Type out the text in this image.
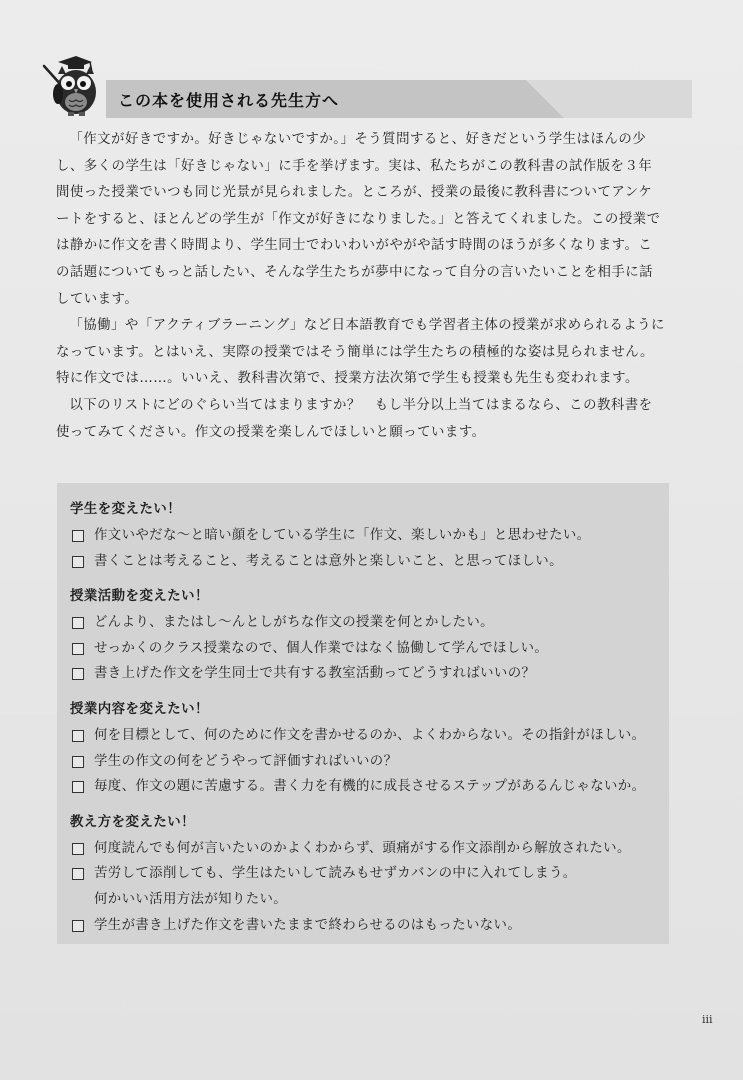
この本を使用される先生方へ

「作文が好きですか。好きじゃないですか。」そう質問すると、好きだという学生はほんの少し、多くの学生は「好きじゃない」に手を挙げます。実は、私たちがこの教科書の試作版を３年間使った授業でいつも同じ光景が見られました。ところが、授業の最後に教科書についてアンケートをすると、ほとんどの学生が「作文が好きになりました。」と答えてくれました。この授業では静かに作文を書く時間より、学生同士でわいわいがやがや話す時間のほうが多くなります。この話題についてもっと話したい、そんな学生たちが夢中になって自分の言いたいことを相手に話しています。

「協働」や「アクティブラーニング」など日本語教育でも学習者主体の授業が求められるようになっています。とはいえ、実際の授業ではそう簡単には学生たちの積極的な姿は見られません。特に作文では……。いいえ、教科書次第で、授業方法次第で学生も授業も先生も変われます。

以下のリストにどのぐらい当てはまりますか？　もし半分以上当てはまるなら、この教科書を使ってみてください。作文の授業を楽しんでほしいと願っています。

学生を変えたい！
作文いやだな～と暗い顔をしている学生に「作文、楽しいかも」と思わせたい。
書くことは考えること、考えることは意外と楽しいこと、と思ってほしい。
授業活動を変えたい！
どんより、またはし～んとしがちな作文の授業を何とかしたい。
せっかくのクラス授業なので、個人作業ではなく協働して学んでほしい。
書き上げた作文を学生同士で共有する教室活動ってどうすればいいの？
授業内容を変えたい！
何を目標として、何のために作文を書かせるのか、よくわからない。その指針がほしい。
学生の作文の何をどうやって評価すればいいの？
毎度、作文の題に苦慮する。書く力を有機的に成長させるステップがあるんじゃないか。
教え方を変えたい！
何度読んでも何が言いたいのかよくわからず、頭痛がする作文添削から解放されたい。
苦労して添削しても、学生はたいして読みもせずカバンの中に入れてしまう。
何かいい活用方法が知りたい。
学生が書き上げた作文を書いたままで終わらせるのはもったいない。
iii
